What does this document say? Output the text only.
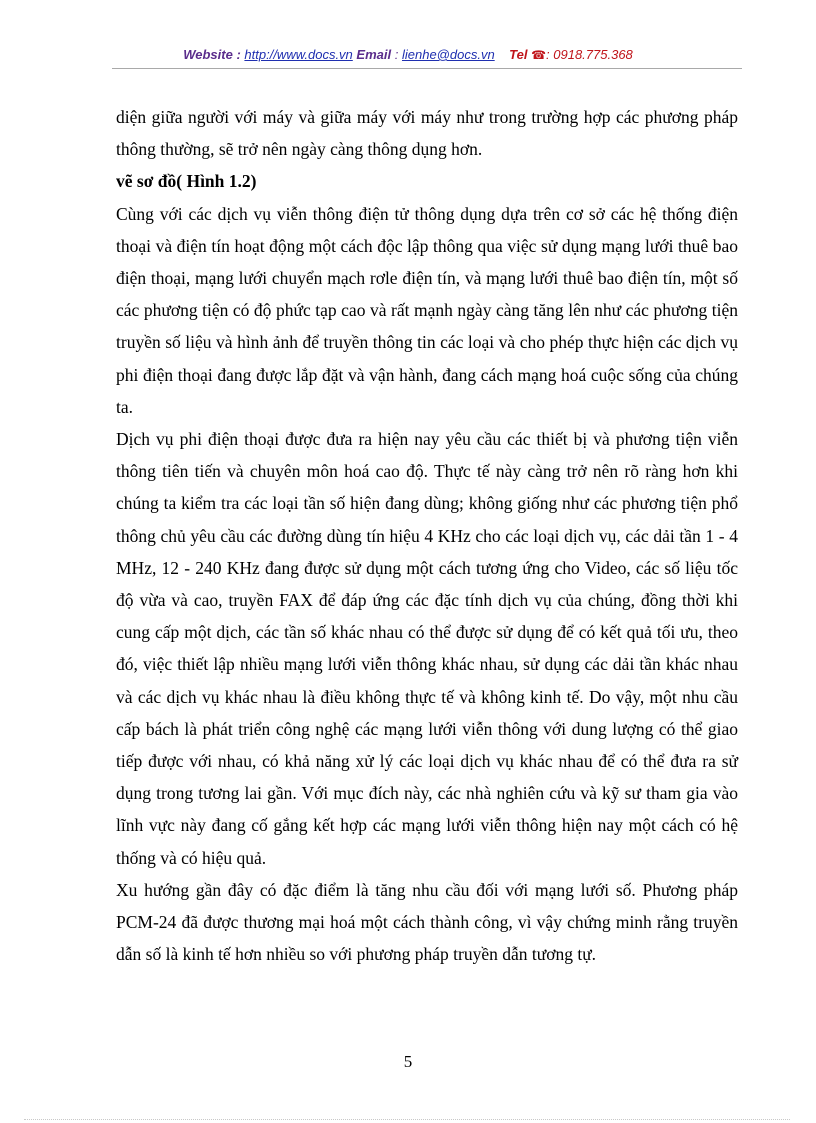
Website : http://www.docs.vn Email : lienhe@docs.vn Tel ☎: 0918.775.368

diện giữa người với máy và giữa máy với máy như trong trường hợp các phương pháp thông thường, sẽ trở nên ngày càng thông dụng hơn.

vẽ sơ đồ( Hình 1.2)

Cùng với các dịch vụ viễn thông điện tử thông dụng dựa trên cơ sở các hệ thống điện thoại và điện tín hoạt động một cách độc lập thông qua việc sử dụng mạng lưới thuê bao điện thoại, mạng lưới chuyển mạch rơle điện tín, và mạng lưới thuê bao điện tín, một số các phương tiện có độ phức tạp cao và rất mạnh ngày càng tăng lên như các phương tiện truyền số liệu và hình ảnh để truyền thông tin các loại và cho phép thực hiện các dịch vụ phi điện thoại đang được lắp đặt và vận hành, đang cách mạng hoá cuộc sống của chúng ta.

Dịch vụ phi điện thoại được đưa ra hiện nay yêu cầu các thiết bị và phương tiện viễn thông tiên tiến và chuyên môn hoá cao độ. Thực tế này càng trở nên rõ ràng hơn khi chúng ta kiểm tra các loại tần số hiện đang dùng; không giống như các phương tiện phổ thông chủ yêu cầu các đường dùng tín hiệu 4 KHz cho các loại dịch vụ, các dải tần 1 - 4 MHz, 12 - 240 KHz đang được sử dụng một cách tương ứng cho Video, các số liệu tốc độ vừa và cao, truyền FAX để đáp ứng các đặc tính dịch vụ của chúng, đồng thời khi cung cấp một dịch, các tần số khác nhau có thể được sử dụng để có kết quả tối ưu, theo đó, việc thiết lập nhiều mạng lưới viễn thông khác nhau, sử dụng các dải tần khác nhau và các dịch vụ khác nhau là điều không thực tế và không kinh tế. Do vậy, một nhu cầu cấp bách là phát triển công nghệ các mạng lưới viễn thông với dung lượng có thể giao tiếp được với nhau, có khả năng xử lý các loại dịch vụ khác nhau để có thể đưa ra sử dụng trong tương lai gần. Với mục đích này, các nhà nghiên cứu và kỹ sư tham gia vào lĩnh vực này đang cố gắng kết hợp các mạng lưới viễn thông hiện nay một cách có hệ thống và có hiệu quả.

Xu hướng gần đây có đặc điểm là tăng nhu cầu đối với mạng lưới số. Phương pháp PCM-24 đã được thương mại hoá một cách thành công, vì vậy chứng minh rằng truyền dẫn số là kinh tế hơn nhiều so với phương pháp truyền dẫn tương tự.

5
